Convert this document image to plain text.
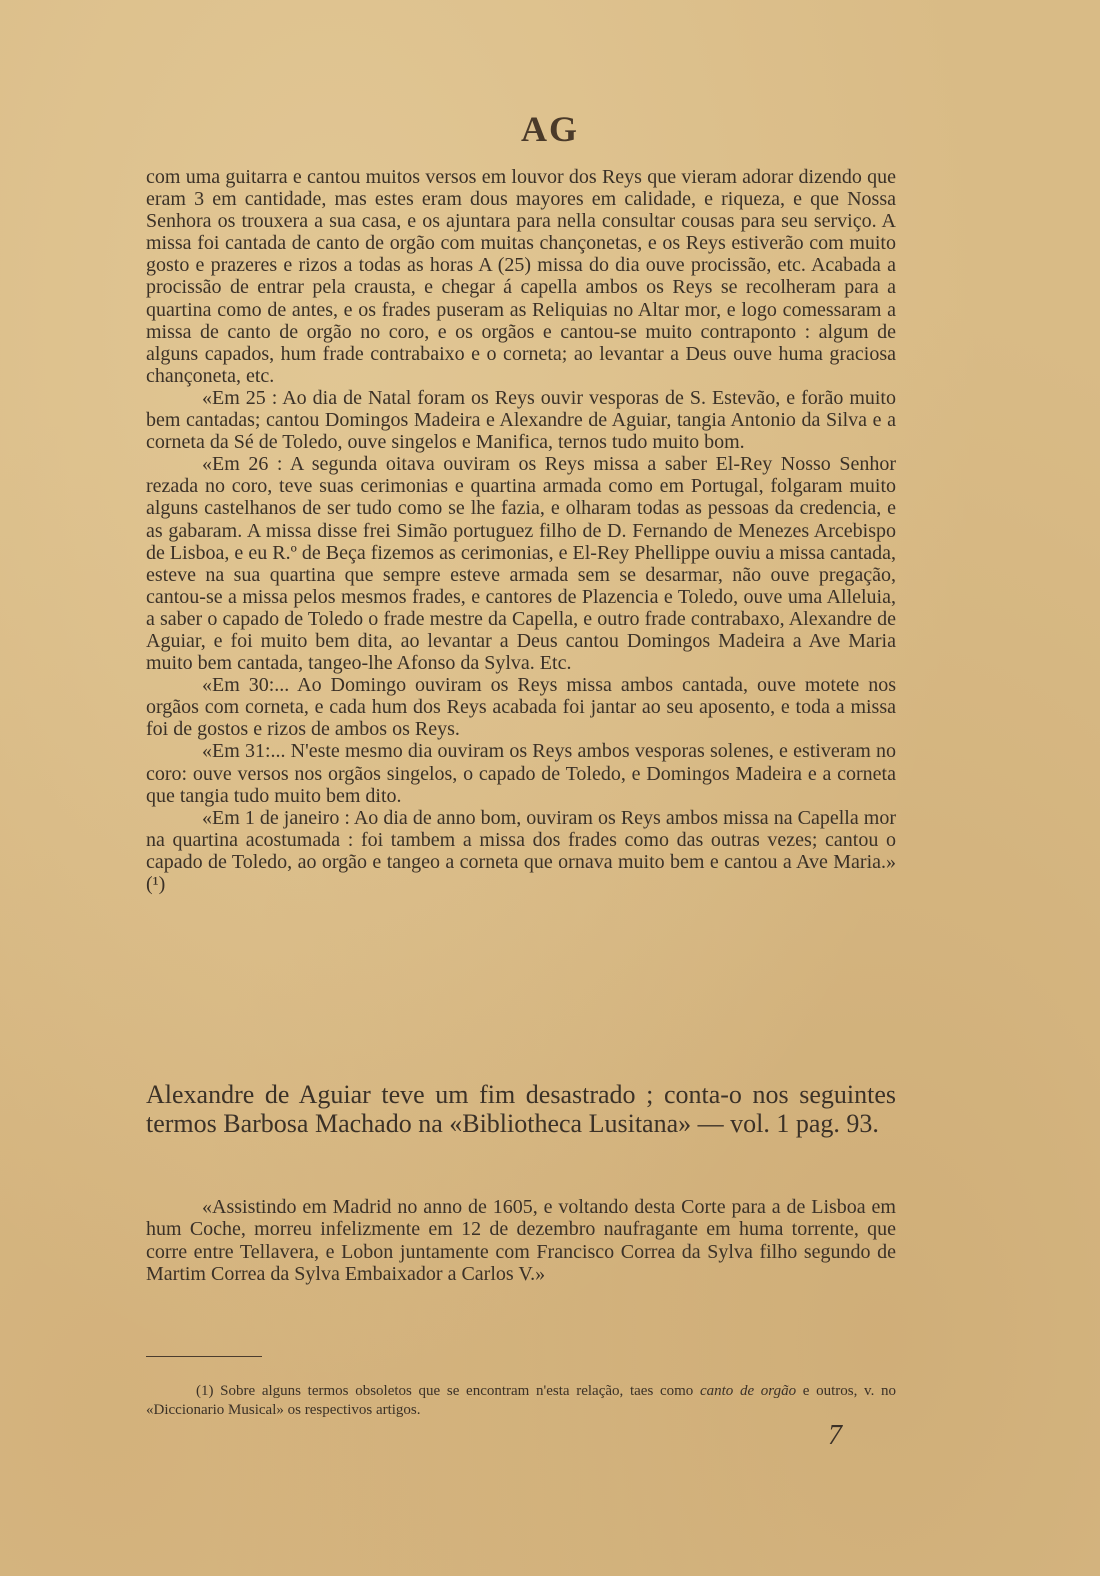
AG

com uma guitarra e cantou muitos versos em louvor dos Reys que vieram adorar dizendo que eram 3 em cantidade, mas estes eram dous mayores em calidade, e riqueza, e que Nossa Senhora os trouxera a sua casa, e os ajuntara para nella consultar cousas para seu serviço. A missa foi cantada de canto de orgão com muitas chançonetas, e os Reys estiverão com muito gosto e prazeres e rizos a todas as horas A (25) missa do dia ouve procissão, etc. Acabada a procissão de entrar pela crausta, e chegar á capella ambos os Reys se recolheram para a quartina como de antes, e os frades puseram as Reliquias no Altar mor, e logo comessaram a missa de canto de orgão no coro, e os orgãos e cantou-se muito contraponto : algum de alguns capados, hum frade contrabaixo e o corneta; ao levantar a Deus ouve huma graciosa chançoneta, etc.

«Em 25 : Ao dia de Natal foram os Reys ouvir vesporas de S. Estevão, e forão muito bem cantadas; cantou Domingos Madeira e Alexandre de Aguiar, tangia Antonio da Silva e a corneta da Sé de Toledo, ouve singelos e Manifica, ternos tudo muito bom.

«Em 26 : A segunda oitava ouviram os Reys missa a saber El-Rey Nosso Senhor rezada no coro, teve suas cerimonias e quartina armada como em Portugal, folgaram muito alguns castelhanos de ser tudo como se lhe fazia, e olharam todas as pessoas da credencia, e as gabaram. A missa disse frei Simão portuguez filho de D. Fernando de Menezes Arcebispo de Lisboa, e eu R.º de Beça fizemos as cerimonias, e El-Rey Phellippe ouviu a missa cantada, esteve na sua quartina que sempre esteve armada sem se desarmar, não ouve pregação, cantou-se a missa pelos mesmos frades, e cantores de Plazencia e Toledo, ouve uma Alleluia, a saber o capado de Toledo o frade mestre da Capella, e outro frade contrabaxo, Alexandre de Aguiar, e foi muito bem dita, ao levantar a Deus cantou Domingos Madeira a Ave Maria muito bem cantada, tangeo-lhe Afonso da Sylva. Etc.

«Em 30:... Ao Domingo ouviram os Reys missa ambos cantada, ouve motete nos orgãos com corneta, e cada hum dos Reys acabada foi jantar ao seu aposento, e toda a missa foi de gostos e rizos de ambos os Reys.

«Em 31:... N'este mesmo dia ouviram os Reys ambos vesporas solenes, e estiveram no coro: ouve versos nos orgãos singelos, o capado de Toledo, e Domingos Madeira e a corneta que tangia tudo muito bem dito.

«Em 1 de janeiro : Ao dia de anno bom, ouviram os Reys ambos missa na Capella mor na quartina acostumada : foi tambem a missa dos frades como das outras vezes; cantou o capado de Toledo, ao orgão e tangeo a corneta que ornava muito bem e cantou a Ave Maria.» (¹)

Alexandre de Aguiar teve um fim desastrado ; conta-o nos seguintes termos Barbosa Machado na «Bibliotheca Lusitana» — vol. 1 pag. 93.

«Assistindo em Madrid no anno de 1605, e voltando desta Corte para a de Lisboa em hum Coche, morreu infelizmente em 12 de dezembro naufragante em huma torrente, que corre entre Tellavera, e Lobon juntamente com Francisco Correa da Sylva filho segundo de Martim Correa da Sylva Embaixador a Carlos V.»

(1) Sobre alguns termos obsoletos que se encontram n'esta relação, taes como canto de orgão e outros, v. no «Diccionario Musical» os respectivos artigos.

7
